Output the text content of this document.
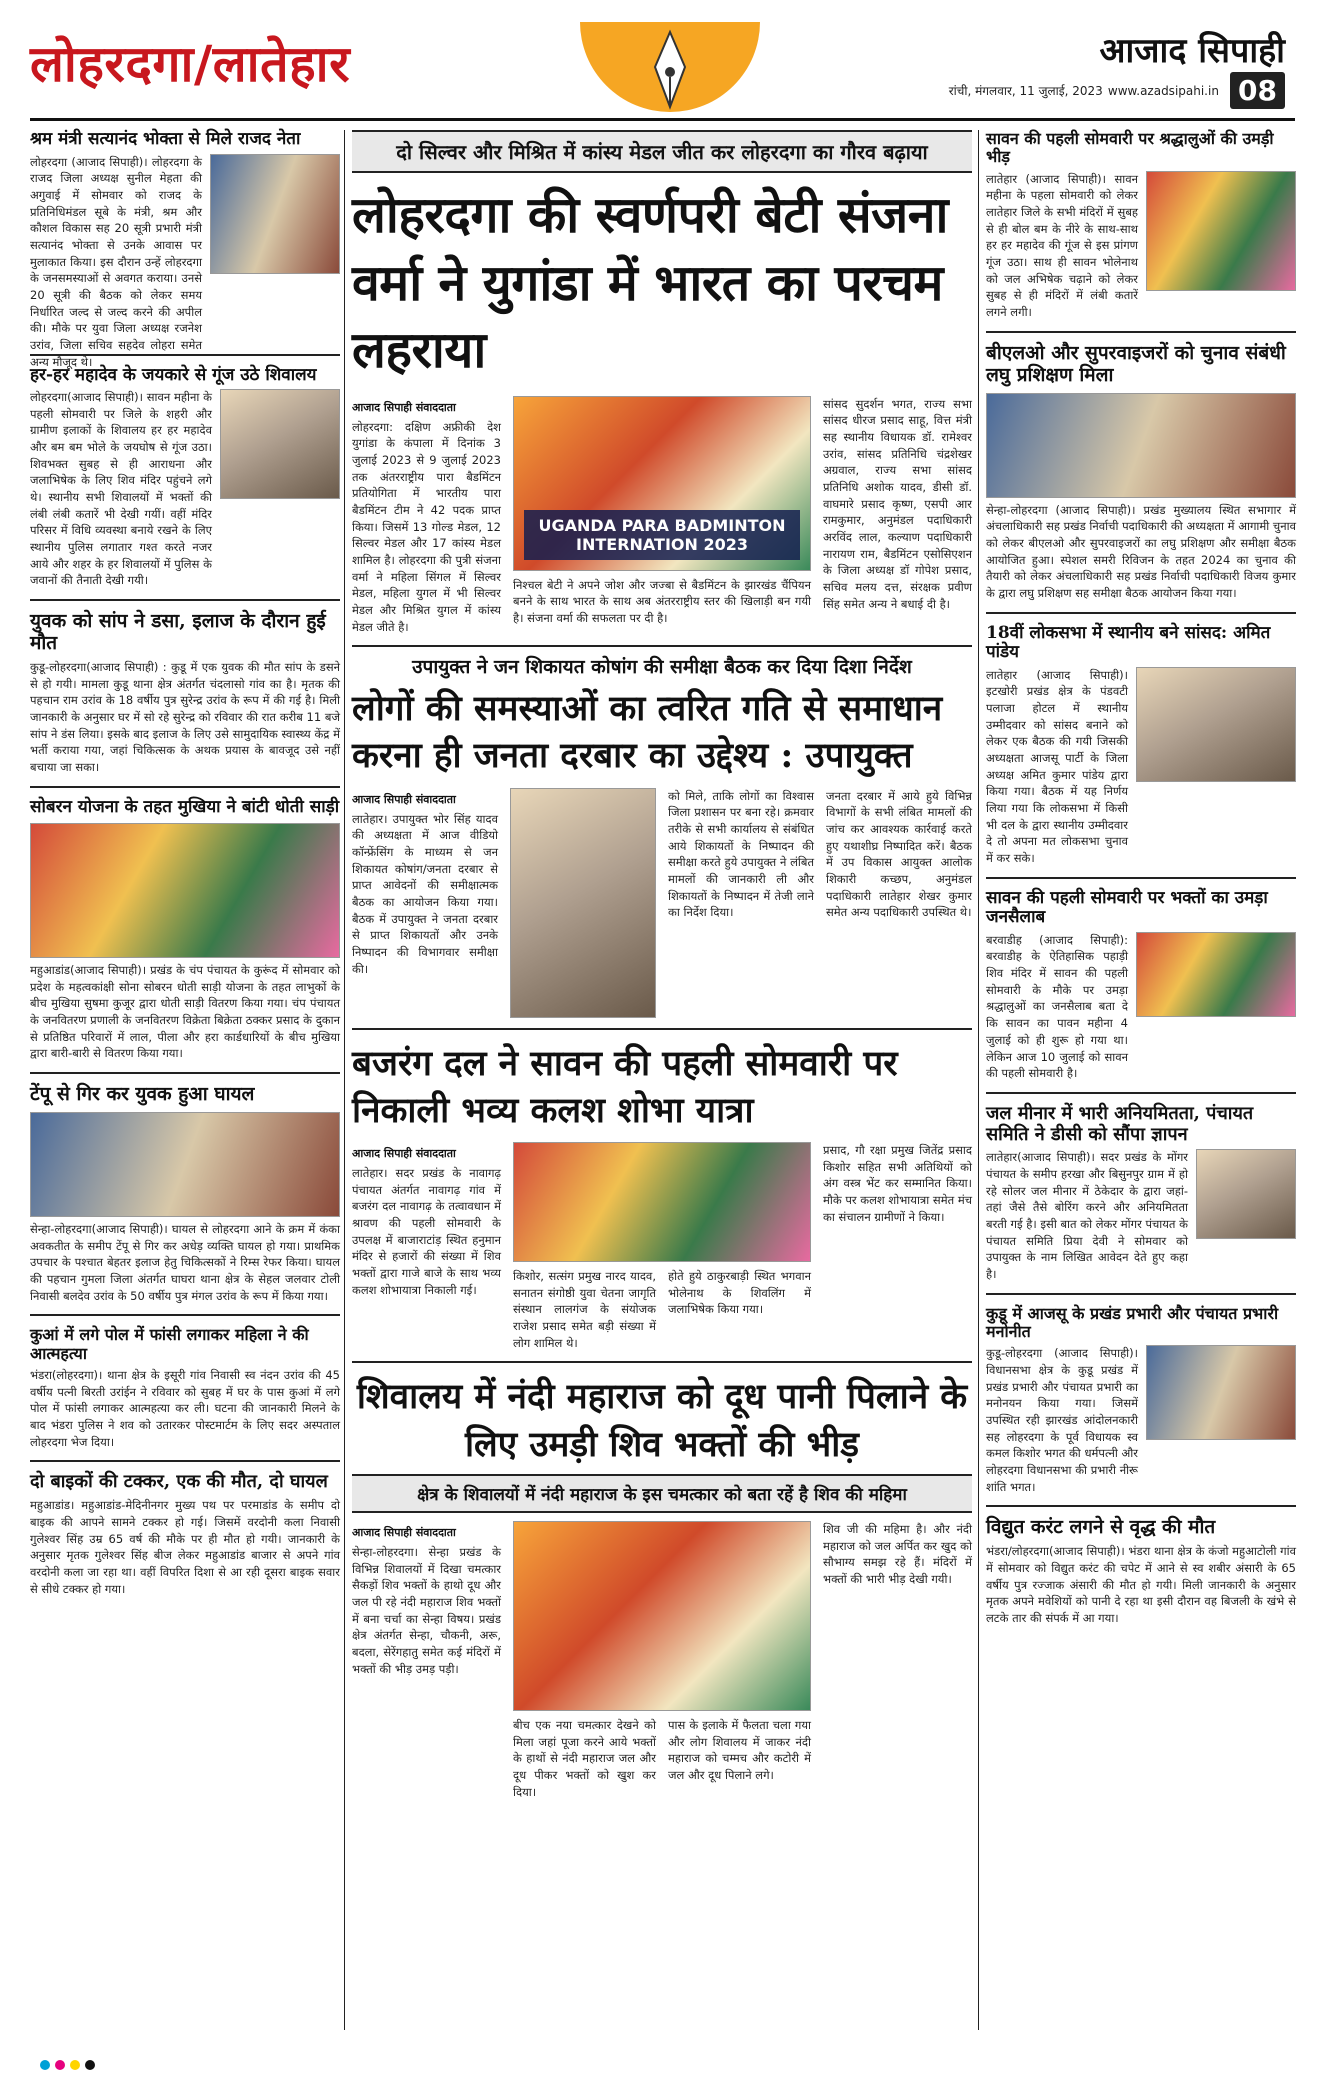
लोहरदगा/लातेहार	आजाद सिपाही
रांची, मंगलवार, 11 जुलाई, 2023 www.azadsipahi.in 08
श्रम मंत्री सत्यानंद भोक्ता से मिले राजद नेता
लोहरदगा (आजाद सिपाही)। लोहरदगा के राजद जिला अध्यक्ष सुनील मेहता की अगुवाई में सोमवार को राजद के प्रतिनिधिमंडल सूबे के मंत्री, श्रम और कौशल विकास सह 20 सूत्री प्रभारी मंत्री सत्यानंद भोक्ता से उनके आवास पर मुलाकात किया। इस दौरान उन्हें लोहरदगा के जनसमस्याओं से अवगत कराया। उनसे 20 सूत्री की बैठक को लेकर समय निर्धारित जल्द से जल्द करने की अपील की। मौके पर युवा जिला अध्यक्ष रजनेश उरांव, जिला सचिव सहदेव लोहरा समेत अन्य मौजूद थे।
हर-हर महादेव के जयकारे से गूंज उठे शिवालय
लोहरदगा(आजाद सिपाही)। सावन महीना के पहली सोमवारी पर जिले के शहरी और ग्रामीण इलाकों के शिवालय हर हर महादेव और बम बम भोले के जयघोष से गूंज उठा। शिवभक्त सुबह से ही आराधना और जलाभिषेक के लिए शिव मंदिर पहुंचने लगे थे। स्थानीय सभी शिवालयों में भक्तों की लंबी लंबी कतारें भी देखी गयीं। वहीं मंदिर परिसर में विधि व्यवस्था बनाये रखने के लिए स्थानीय पुलिस लगातार गश्त करते नजर आये और शहर के हर शिवालयों में पुलिस के जवानों की तैनाती देखी गयी।
युवक को सांप ने डसा, इलाज के दौरान हुई मौत
कुडू-लोहरदगा(आजाद सिपाही) : कुडू में एक युवक की मौत सांप के डसने से हो गयी। मामला कुडू थाना क्षेत्र अंतर्गत चंदलासो गांव का है। मृतक की पहचान राम उरांव के 18 वर्षीय पुत्र सुरेन्द्र उरांव के रूप में की गई है। मिली जानकारी के अनुसार घर में सो रहे सुरेन्द्र को रविवार की रात करीब 11 बजे सांप ने डंस लिया। इसके बाद इलाज के लिए उसे सामुदायिक स्वास्थ्य केंद्र में भर्ती कराया गया, जहां चिकित्सक के अथक प्रयास के बावजूद उसे नहीं बचाया जा सका।
सोबरन योजना के तहत मुखिया ने बांटी धोती साड़ी
महुआडांड(आजाद सिपाही)। प्रखंड के चंप पंचायत के कुरूंद में सोमवार को प्रदेश के महत्वकांक्षी सोना सोबरन धोती साड़ी योजना के तहत लाभुकों के बीच मुखिया सुषमा कुजूर द्वारा धोती साड़ी वितरण किया गया। चंप पंचायत के जनवितरण प्रणाली के जनवितरण विक्रेता बिक्रेता ठक्कर प्रसाद के दुकान से प्रतिष्ठित परिवारों में लाल, पीला और हरा कार्डधारियों के बीच मुखिया द्वारा बारी-बारी से वितरण किया गया।
टेंपू से गिर कर युवक हुआ घायल
सेन्हा-लोहरदगा(आजाद सिपाही)। घायल से लोहरदगा आने के क्रम में कंका अवकतीत के समीप टेंपू से गिर कर अधेड़ व्यक्ति घायल हो गया। प्राथमिक उपचार के पश्चात बेहतर इलाज हेतु चिकित्सकों ने रिम्स रेफर किया। घायल की पहचान गुमला जिला अंतर्गत घाघरा थाना क्षेत्र के सेहल जलवार टोली निवासी बलदेव उरांव के 50 वर्षीय पुत्र मंगल उरांव के रूप में किया गया।
कुआं में लगे पोल में फांसी लगाकर महिला ने की आत्महत्या
भंडरा(लोहरदगा)। थाना क्षेत्र के इसूरी गांव निवासी स्व नंदन उरांव की 45 वर्षीय पत्नी बिरती उरांईन ने रविवार को सुबह में घर के पास कुआं में लगे पोल में फांसी लगाकर आत्महत्या कर ली। घटना की जानकारी मिलने के बाद भंडरा पुलिस ने शव को उतारकर पोस्टमार्टम के लिए सदर अस्पताल लोहरदगा भेज दिया।
दो बाइकों की टक्कर, एक की मौत, दो घायल
महुआडांड। महुआडांड-मेदिनीनगर मुख्य पथ पर परमाडांड के समीप दो बाइक की आपने सामने टक्कर हो गई। जिसमें वरदोनी कला निवासी गुलेश्वर सिंह उम्र 65 वर्ष की मौके पर ही मौत हो गयी। जानकारी के अनुसार मृतक गुलेश्वर सिंह बीज लेकर महुआडांड बाजार से अपने गांव वरदोनी कला जा रहा था। वहीं विपरित दिशा से आ रही दूसरा बाइक सवार से सीधे टक्कर हो गया।
दो सिल्वर और मिश्रित में कांस्य मेडल जीत कर लोहरदगा का गौरव बढ़ाया
लोहरदगा की स्वर्णपरी बेटी संजना वर्मा ने युगांडा में भारत का परचम लहराया
आजाद सिपाही संवाददाता
लोहरदगा: दक्षिण अफ्रीकी देश युगांडा के कंपाला में दिनांक 3 जुलाई 2023 से 9 जुलाई 2023 तक अंतरराष्ट्रीय पारा बैडमिंटन प्रतियोगिता में भारतीय पारा बैडमिंटन टीम ने 42 पदक प्राप्त किया। जिसमें 13 गोल्ड मेडल, 12 सिल्वर मेडल और 17 कांस्य मेडल शामिल है। लोहरदगा की पुत्री संजना वर्मा ने महिला सिंगल में सिल्वर मेडल, महिला युगल में भी सिल्वर मेडल और मिश्रित युगल में कांस्य मेडल जीते है।
UGANDA PARA BADMINTON INTERNATION 2023
निश्चल बेटी ने अपने जोश और जज्बा से बैडमिंटन के झारखंड चैंपियन बनने के साथ भारत के साथ अब अंतरराष्ट्रीय स्तर की खिलाड़ी बन गयी है। संजना वर्मा की सफलता पर दी है।
सांसद सुदर्शन भगत, राज्य सभा सांसद धीरज प्रसाद साहू, वित्त मंत्री सह स्थानीय विधायक डॉ. रामेश्वर उरांव, सांसद प्रतिनिधि चंद्रशेखर अग्रवाल, राज्य सभा सांसद प्रतिनिधि अशोक यादव, डीसी डॉ. वाघमारे प्रसाद कृष्ण, एसपी आर रामकुमार, अनुमंडल पदाधिकारी अरविंद लाल, कल्याण पदाधिकारी नारायण राम, बैडमिंटन एसोसिएशन के जिला अध्यक्ष डॉ गोपेश प्रसाद, सचिव मलय दत्त, संरक्षक प्रवीण सिंह समेत अन्य ने बधाई दी है।
उपायुक्त ने जन शिकायत कोषांग की समीक्षा बैठक कर दिया दिशा निर्देश
लोगों की समस्याओं का त्वरित गति से समाधान करना ही जनता दरबार का उद्देश्य : उपायुक्त
आजाद सिपाही संवाददाता
लातेहार। उपायुक्त भोर सिंह यादव की अध्यक्षता में आज वीडियो कॉन्फ्रेंसिंग के माध्यम से जन शिकायत कोषांग/जनता दरबार से प्राप्त आवेदनों की समीक्षात्मक बैठक का आयोजन किया गया। बैठक में उपायुक्त ने जनता दरबार से प्राप्त शिकायतों और उनके निष्पादन की विभागवार समीक्षा की।
को मिले, ताकि लोगों का विश्वास जिला प्रशासन पर बना रहे। क्रमवार तरीके से सभी कार्यालय से संबंधित आये शिकायतों के निष्पादन की समीक्षा करते हुये उपायुक्त ने लंबित मामलों की जानकारी ली और शिकायतों के निष्पादन में तेजी लाने का निर्देश दिया।
जनता दरबार में आये हुये विभिन्न विभागों के सभी लंबित मामलों की जांच कर आवश्यक कार्रवाई करते हुए यथाशीघ्र निष्पादित करें। बैठक में उप विकास आयुक्त आलोक शिकारी कच्छप, अनुमंडल पदाधिकारी लातेहार शेखर कुमार समेत अन्य पदाधिकारी उपस्थित थे।
बजरंग दल ने सावन की पहली सोमवारी पर निकाली भव्य कलश शोभा यात्रा
आजाद सिपाही संवाददाता
लातेहार। सदर प्रखंड के नावागढ़ पंचायत अंतर्गत नावागढ़ गांव में बजरंग दल नावागढ़ के तत्वावधान में श्रावण की पहली सोमवारी के उपलक्ष में बाजाराटांड़ स्थित हनुमान मंदिर से हजारों की संख्या में शिव भक्तों द्वारा गाजे बाजे के साथ भव्य कलश शोभायात्रा निकाली गई।
किशोर, सत्संग प्रमुख नारद यादव, सनातन संगोष्ठी युवा चेतना जागृति संस्थान लालगंज के संयोजक राजेश प्रसाद समेत बड़ी संख्या में लोग शामिल थे।
होते हुये ठाकुरबाड़ी स्थित भगवान भोलेनाथ के शिवलिंग में जलाभिषेक किया गया।
प्रसाद, गौ रक्षा प्रमुख जितेंद्र प्रसाद किशोर सहित सभी अतिथियों को अंग वस्त्र भेंट कर सम्मानित किया। मौके पर कलश शोभायात्रा समेत मंच का संचालन ग्रामीणों ने किया।
शिवालय में नंदी महाराज को दूध पानी पिलाने के लिए उमड़ी शिव भक्तों की भीड़
क्षेत्र के शिवालयों में नंदी महाराज के इस चमत्कार को बता रहें है शिव की महिमा
आजाद सिपाही संवाददाता
सेन्हा-लोहरदगा। सेन्हा प्रखंड के विभिन्न शिवालयों में दिखा चमत्कार सैकड़ों शिव भक्तों के हाथो दूध और जल पी रहे नंदी महाराज शिव भक्तों में बना चर्चा का सेन्हा विषय। प्रखंड क्षेत्र अंतर्गत सेन्हा, चौकनी, अरू, बदला, सेरेंगहातु समेत कई मंदिरों में भक्तों की भीड़ उमड़ पड़ी।
बीच एक नया चमत्कार देखने को मिला जहां पूजा करने आये भक्तों के हाथों से नंदी महाराज जल और दूध पीकर भक्तों को खुश कर दिया।
पास के इलाके में फैलता चला गया और लोग शिवालय में जाकर नंदी महाराज को चम्मच और कटोरी में जल और दूध पिलाने लगे।
शिव जी की महिमा है। और नंदी महाराज को जल अर्पित कर खुद को सौभाग्य समझ रहे हैं। मंदिरों में भक्तों की भारी भीड़ देखी गयी।
सावन की पहली सोमवारी पर श्रद्धालुओं की उमड़ी भीड़
लातेहार (आजाद सिपाही)। सावन महीना के पहला सोमवारी को लेकर लातेहार जिले के सभी मंदिरों में सुबह से ही बोल बम के नीरे के साथ-साथ हर हर महादेव की गूंज से इस प्रांगण गूंज उठा। साथ ही सावन भोलेनाथ को जल अभिषेक चढ़ाने को लेकर सुबह से ही मंदिरों में लंबी कतारें लगने लगी।
बीएलओ और सुपरवाइजरों को चुनाव संबंधी लघु प्रशिक्षण मिला
सेन्हा-लोहरदगा (आजाद सिपाही)। प्रखंड मुख्यालय स्थित सभागार में अंचलाधिकारी सह प्रखंड निर्वाची पदाधिकारी की अध्यक्षता में आगामी चुनाव को लेकर बीएलओ और सुपरवाइजरों का लघु प्रशिक्षण और समीक्षा बैठक आयोजित हुआ। स्पेशल समरी रिविजन के तहत 2024 का चुनाव की तैयारी को लेकर अंचलाधिकारी सह प्रखंड निर्वाची पदाधिकारी विजय कुमार के द्वारा लघु प्रशिक्षण सह समीक्षा बैठक आयोजन किया गया।
18वीं लोकसभा में स्थानीय बने सांसद: अमित पांडेय
लातेहार (आजाद सिपाही)। इटखोरी प्रखंड क्षेत्र के पंडवटी पलाजा होटल में स्थानीय उम्मीदवार को सांसद बनाने को लेकर एक बैठक की गयी जिसकी अध्यक्षता आजसू पार्टी के जिला अध्यक्ष अमित कुमार पांडेय द्वारा किया गया। बैठक में यह निर्णय लिया गया कि लोकसभा में किसी भी दल के द्वारा स्थानीय उम्मीदवार दे तो अपना मत लोकसभा चुनाव में कर सके।
सावन की पहली सोमवारी पर भक्तों का उमड़ा जनसैलाब
बरवाडीह (आजाद सिपाही): बरवाडीह के ऐतिहासिक पहाड़ी शिव मंदिर में सावन की पहली सोमवारी के मौके पर उमड़ा श्रद्धालुओं का जनसैलाब बता दे कि सावन का पावन महीना 4 जुलाई को ही शुरू हो गया था। लेकिन आज 10 जुलाई को सावन की पहली सोमवारी है।
जल मीनार में भारी अनियमितता, पंचायत समिति ने डीसी को सौंपा ज्ञापन
लातेहार(आजाद सिपाही)। सदर प्रखंड के मोंगर पंचायत के समीप हरखा और बिसुनपुर ग्राम में हो रहे सोलर जल मीनार में ठेकेदार के द्वारा जहां-तहां जैसे तैसे बोरिंग करने और अनियमितता बरती गई है। इसी बात को लेकर मोंगर पंचायत के पंचायत समिति प्रिया देवी ने सोमवार को उपायुक्त के नाम लिखित आवेदन देते हुए कहा है।
कुडू में आजसू के प्रखंड प्रभारी और पंचायत प्रभारी मनोनीत
कुडू-लोहरदगा (आजाद सिपाही)। विधानसभा क्षेत्र के कुडू प्रखंड में प्रखंड प्रभारी और पंचायत प्रभारी का मनोनयन किया गया। जिसमें उपस्थित रही झारखंड आंदोलनकारी सह लोहरदगा के पूर्व विधायक स्व कमल किशोर भगत की धर्मपत्नी और लोहरदगा विधानसभा की प्रभारी नीरू शांति भगत।
विद्युत करंट लगने से वृद्ध की मौत
भंडरा/लोहरदगा(आजाद सिपाही)। भंडरा थाना क्षेत्र के कंजो महुआटोली गांव में सोमवार को विद्युत करंट की चपेट में आने से स्व शबीर अंसारी के 65 वर्षीय पुत्र रज्जाक अंसारी की मौत हो गयी। मिली जानकारी के अनुसार मृतक अपने मवेशियों को पानी दे रहा था इसी दौरान वह बिजली के खंभे से लटके तार की संपर्क में आ गया।
